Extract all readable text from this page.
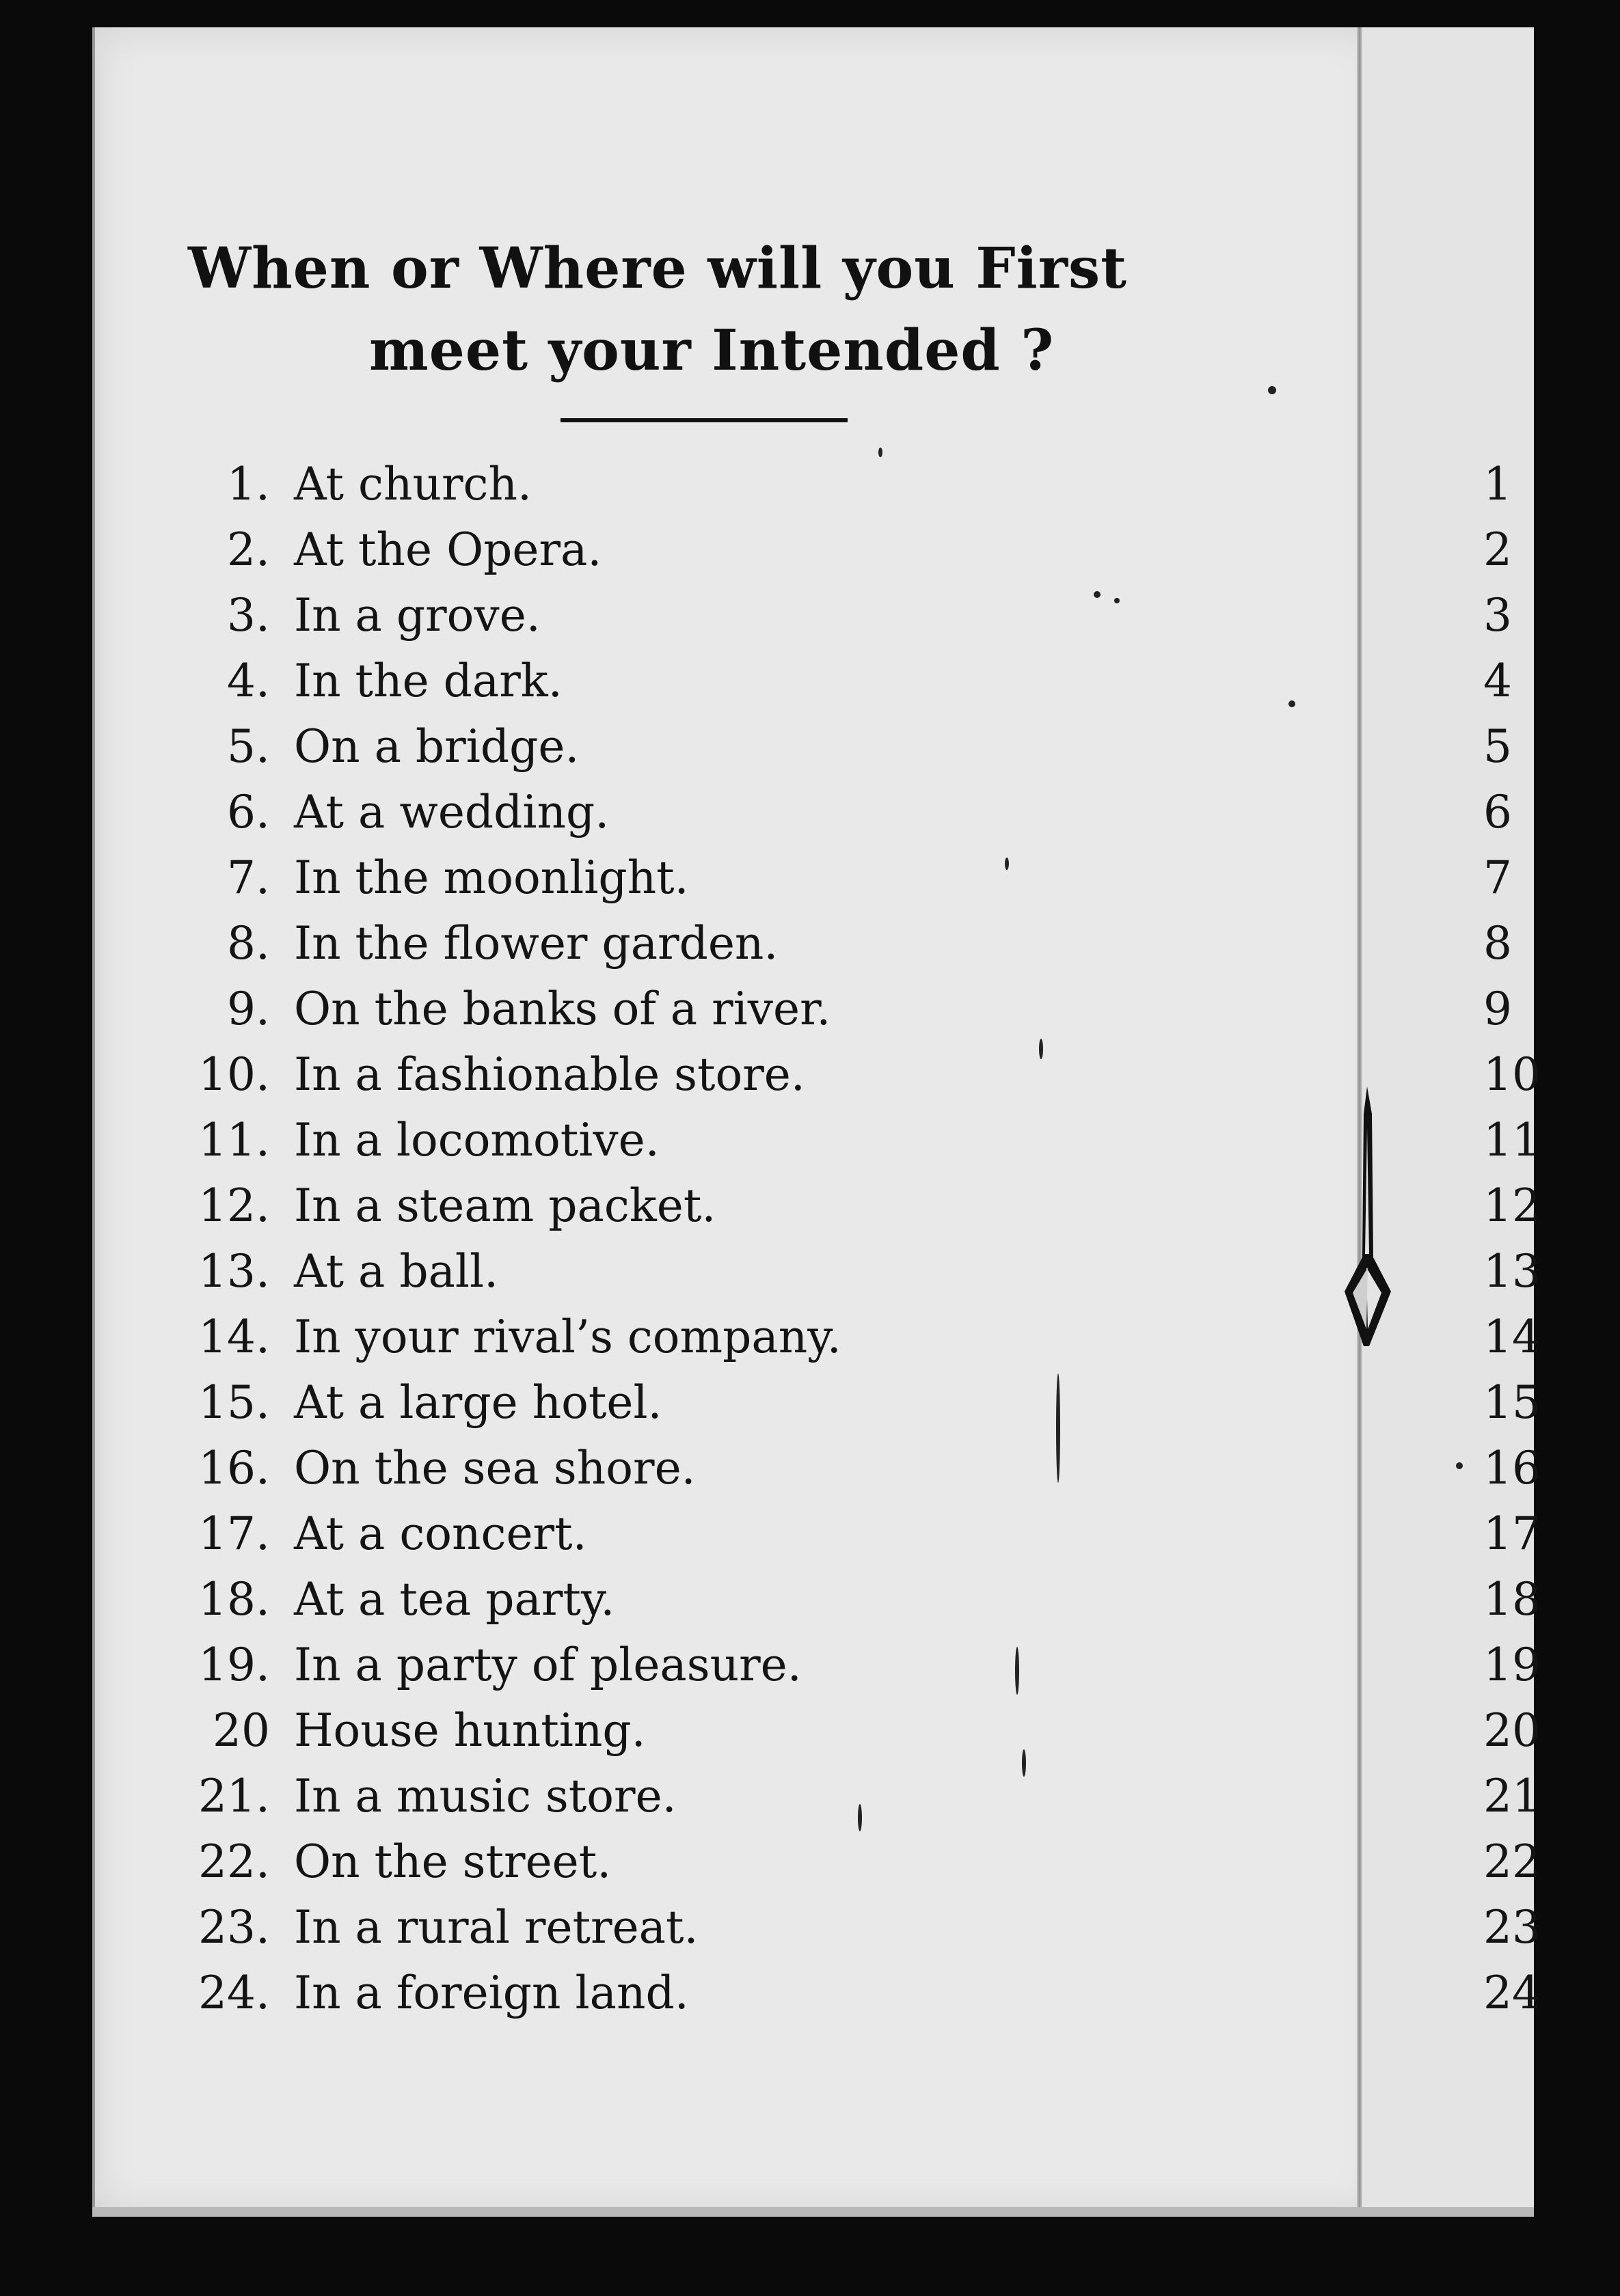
When or Where will you First
meet your Intended ?
1. At church.
2. At the Opera.
3. In a grove.
4. In the dark.
5. On a bridge.
6. At a wedding.
7. In the moonlight.
8. In the flower garden.
9. On the banks of a river.
10. In a fashionable store.
11. In a locomotive.
12. In a steam packet.
13. At a ball.
14. In your rival’s company.
15. At a large hotel.
16. On the sea shore.
17. At a concert.
18. At a tea party.
19. In a party of pleasure.
20 House hunting.
21. In a music store.
22. On the street.
23. In a rural retreat.
24. In a foreign land.
1
2
3
4
5
6
7
8
9
10
11
12
13
14
15
16
17
18
19
20
21
22
23
24
